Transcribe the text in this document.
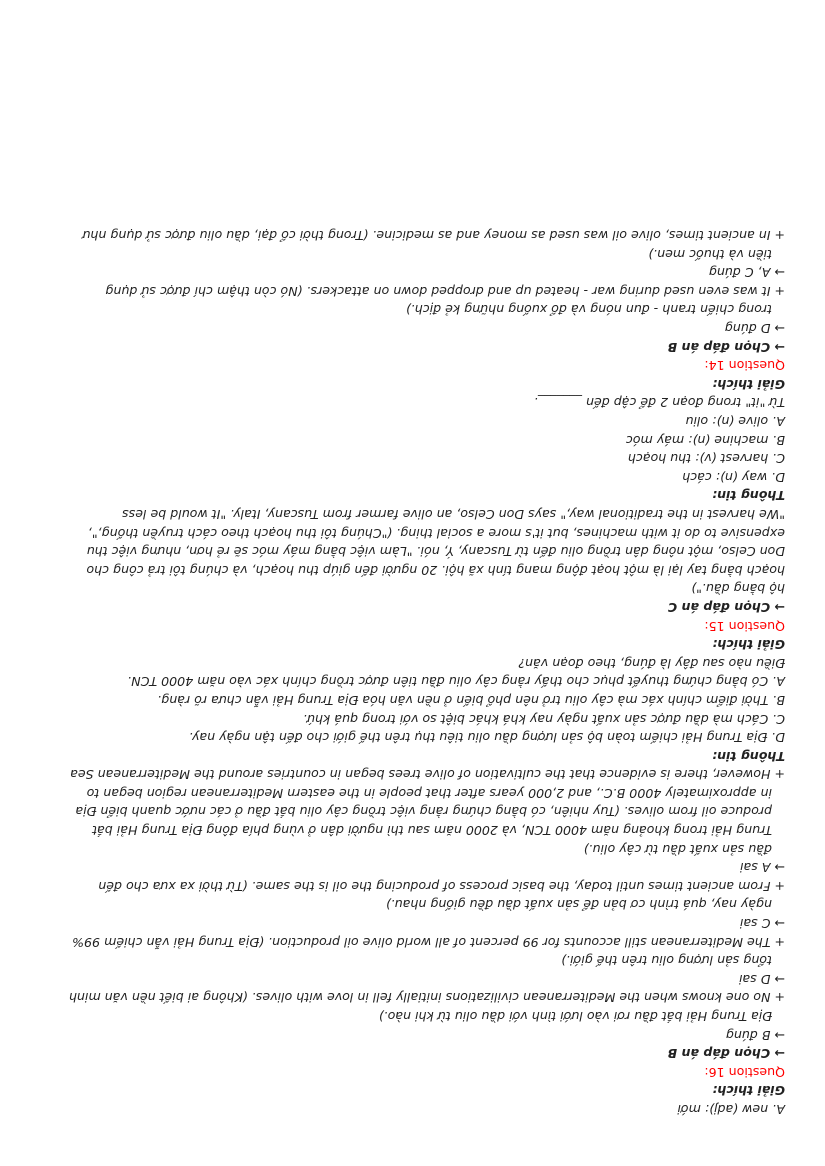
A. new (adj): mới
Giải thích:
Question 16:
→ Chọn đáp án B
→ B đúng
Địa Trung Hải bắt đầu rơi vào lưới tình với dầu oliu từ khi nào.)
+ No one knows when the Mediterranean civilizations initially fell in love with olives. (Không ai biết nền văn minh
→ D sai
tổng sản lượng oliu trên thế giới.)
+ The Mediterranean still accounts for 99 percent of all world olive oil production. (Địa Trung Hải vẫn chiếm 99%
→ C sai
ngày nay, quá trình cơ bản để sản xuất dầu đều giống nhau.)
+ From ancient times until today, the basic process of producing the oil is the same. (Từ thời xa xưa cho đến
→ A sai
đầu sản xuất dầu từ cây oliu.)
Trung Hải trong khoảng năm 4000 TCN, và 2000 năm sau thì người dân ở vùng phía đông Địa Trung Hải bắt
produce oil from olives. (Tuy nhiên, có bằng chứng rằng việc trồng cây oliu bắt đầu ở các nước quanh biển Địa
in approximately 4000 B.C., and 2,000 years after that people in the eastern Mediterranean region began to
+ However, there is evidence that the cultivation of olive trees began in countries around the Mediterranean Sea
Thông tin:
D. Địa Trung Hải chiếm toàn bộ sản lượng dầu oliu tiêu thụ trên thế giới cho đến tận ngày nay.
C. Cách mà dầu được sản xuất ngày nay khá khác biệt so với trong quá khứ.
B. Thời điểm chính xác mà cây oliu trở nên phổ biến ở nền văn hóa Địa Trung Hải vẫn chưa rõ ràng.
A. Có bằng chứng thuyết phục cho thấy rằng cây oliu đầu tiên được trồng chính xác vào năm 4000 TCN.
Điều nào sau đây là đúng, theo đoạn văn?
Giải thích:
Question 15:
→ Chọn đáp án C
hộ bằng dầu.")
hoạch bằng tay lại là một hoạt động mang tính xã hội. 20 người đến giúp thu hoạch, và chúng tôi trả công cho
Don Celso, một nông dân trồng oliu đến từ Tuscany, Ý, nói. "Làm việc bằng máy móc sẽ rẻ hơn, nhưng việc thu
expensive to do it with machines, but it's more a social thing. ("Chúng tôi thu hoạch theo cách truyền thống,",
"We harvest in the traditional way," says Don Celso, an olive farmer from Tuscany, Italy. "It would be less
Thông tin:
D. way (n): cách
C. harvest (v): thu hoạch
B. machine (n): máy móc
A. olive (n): oliu
Từ "it" trong đoạn 2 để cập đến _______.
Giải thích:
Question 14:
→ Chọn đáp án B
→ D đúng
trong chiến tranh - đun nóng và đổ xuống những kẻ địch.)
+ It was even used during war - heated up and dropped down on attackers. (Nó còn thậm chí được sử dụng
→ A, C đúng
tiền và thuốc men.)
+ In ancient times, olive oil was used as money and as medicine. (Trong thời cổ đại, dầu oliu được sử dụng như
